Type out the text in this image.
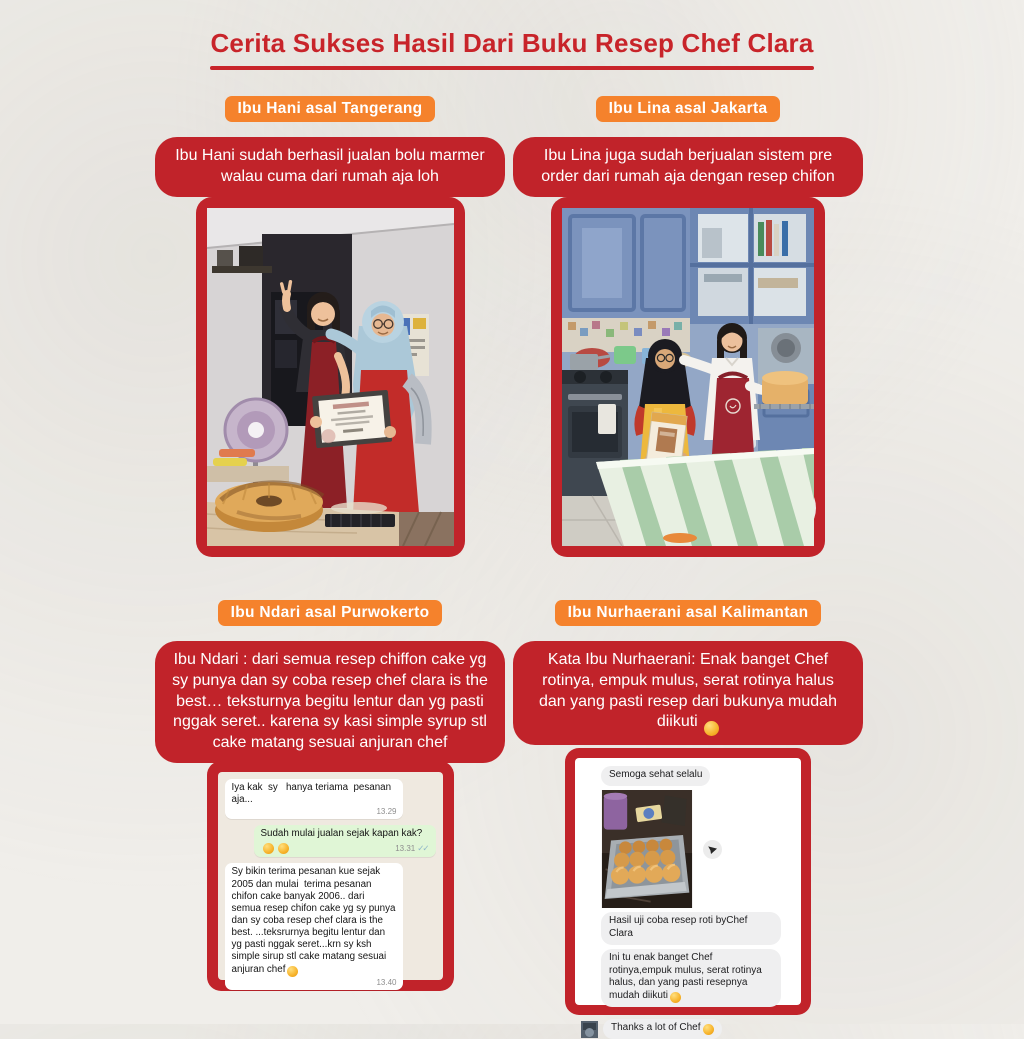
Cerita Sukses Hasil Dari Buku Resep Chef Clara
Ibu Hani asal Tangerang
Ibu Hani sudah berhasil jualan bolu marmer walau cuma dari rumah aja loh
Ibu Lina asal Jakarta
Ibu Lina juga sudah berjualan sistem pre order dari rumah aja dengan resep chifon
Ibu Ndari asal Purwokerto
Ibu Ndari : dari semua resep chiffon cake yg sy punya dan sy coba resep chef clara is the best… teksturnya begitu lentur dan yg pasti nggak seret.. karena sy kasi simple syrup stl cake matang sesuai anjuran chef
Iya kak  sy   hanya teriama  pesanan aja...
13.29
Sudah mulai jualan sejak kapan kak?

13.31 ✓✓
Sy bikin terima pesanan kue sejak 2005 dan mulai  terima pesanan chifon cake banyak 2006.. dari semua resep chifon cake yg sy punya dan sy coba resep chef clara is the best. ...teksrurnya begitu lentur dan yg pasti nggak seret...krn sy ksh simple sirup stl cake matang sesuai anjuran chef
13.40
Ibu Nurhaerani asal Kalimantan
Kata Ibu Nurhaerani: Enak banget Chef rotinya, empuk mulus, serat rotinya halus dan yang pasti resep dari bukunya mudah diikuti
Semoga sehat selalu
Hasil uji coba resep roti byChef Clara
Ini tu enak banget Chef rotinya,empuk mulus, serat rotinya halus, dan yang pasti resepnya mudah diikuti
Thanks a lot of Chef
